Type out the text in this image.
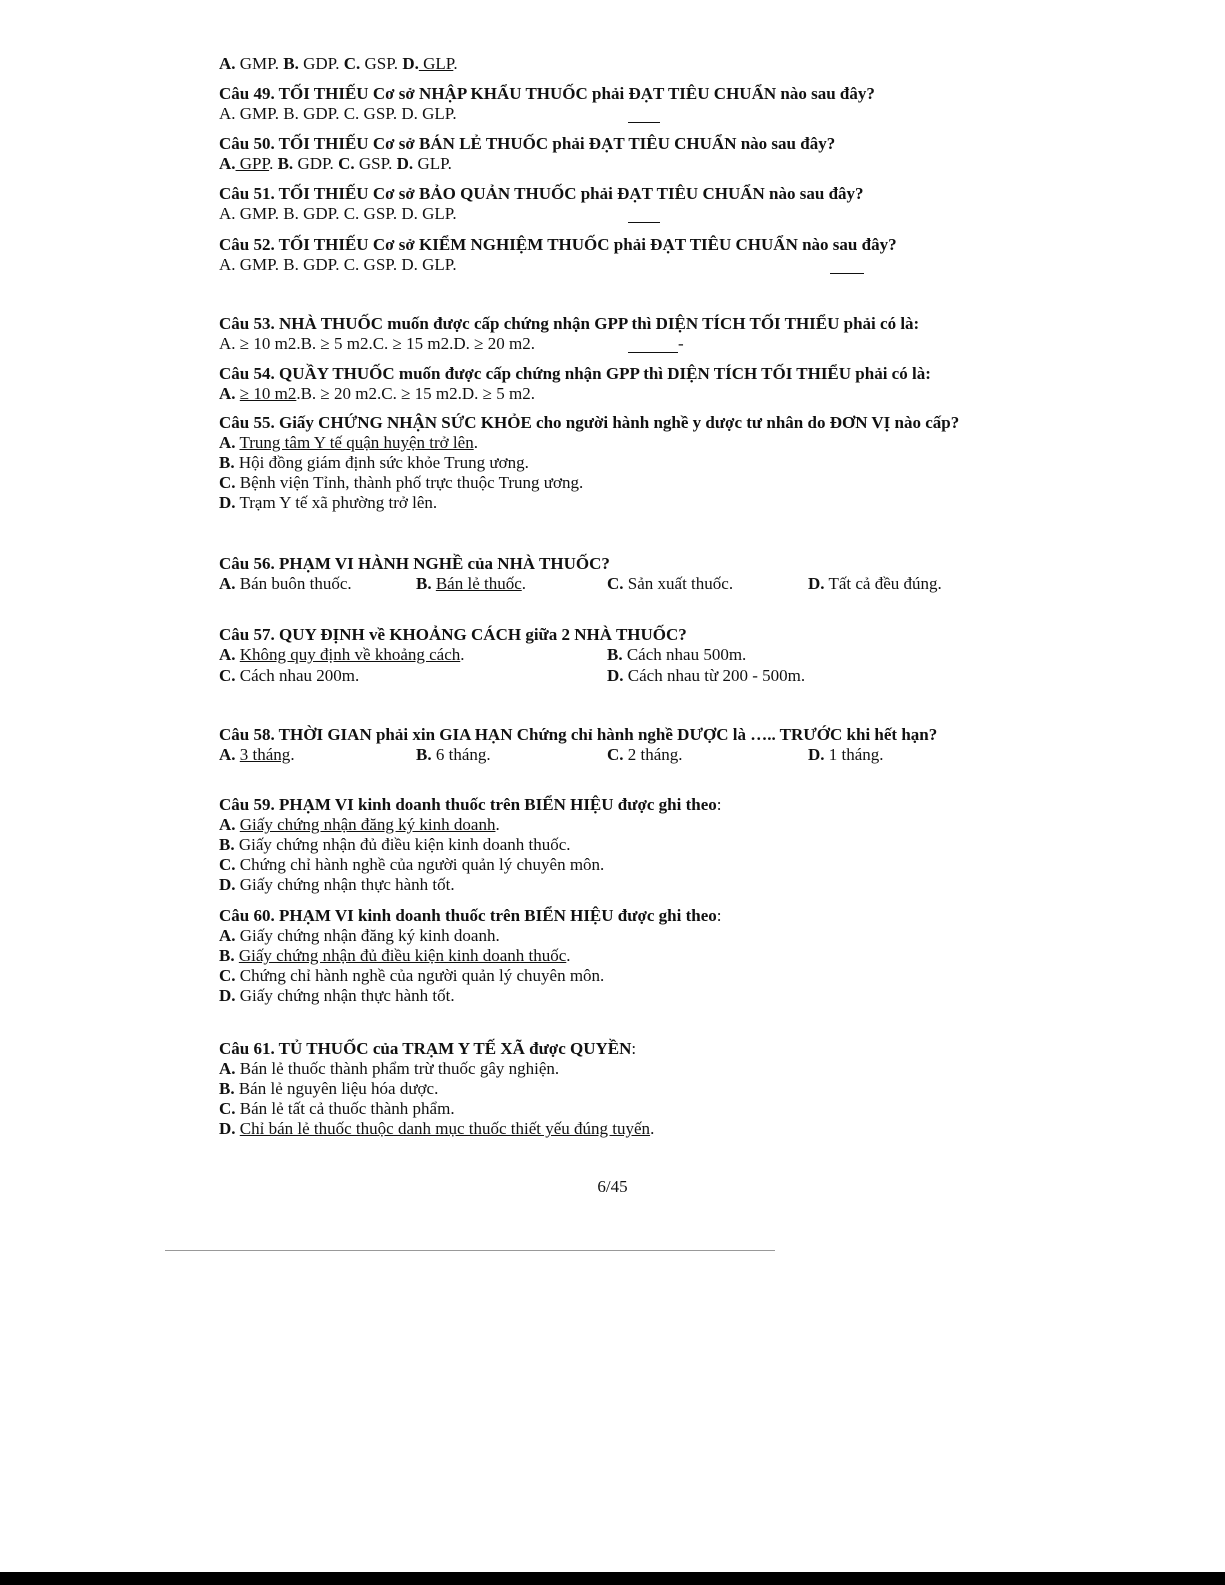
A. GMP. B. GDP. C. GSP. D. GLP.
Câu 49. TỐI THIẾU Cơ sở NHẬP KHẨU THUỐC phải ĐẠT TIÊU CHUẨN nào sau đây?
A. GMP. B. GDP. C. GSP. D. GLP.
Câu 50. TỐI THIẾU Cơ sở BÁN LẺ THUỐC phải ĐẠT TIÊU CHUẨN nào sau đây?
A. GPP. B. GDP. C. GSP. D. GLP.
Câu 51. TỐI THIẾU Cơ sở BẢO QUẢN THUỐC phải ĐẠT TIÊU CHUẨN nào sau đây?
A. GMP. B. GDP. C. GSP. D. GLP.
Câu 52. TỐI THIẾU Cơ sở KIỂM NGHIỆM THUỐC phải ĐẠT TIÊU CHUẨN nào sau đây?
A. GMP. B. GDP. C. GSP. D. GLP.
Câu 53. NHÀ THUỐC muốn được cấp chứng nhận GPP thì DIỆN TÍCH TỐI THIỂU phải có là:
A. ≥ 10 m2.B. ≥ 5 m2.C. ≥ 15 m2.D. ≥ 20 m2.	-
Câu 54. QUẦY THUỐC muốn được cấp chứng nhận GPP thì DIỆN TÍCH TỐI THIỂU phải có là:
A. ≥ 10 m2.B. ≥ 20 m2.C. ≥ 15 m2.D. ≥ 5 m2.
Câu 55. Giấy CHỨNG NHẬN SỨC KHỎE cho người hành nghề y dược tư nhân do ĐƠN VỊ nào cấp?
A. Trung tâm Y tế quận huyện trở lên.
B. Hội đồng giám định sức khỏe Trung ương.
C. Bệnh viện Tỉnh, thành phố trực thuộc Trung ương.
D. Trạm Y tế xã phường trở lên.
Câu 56. PHẠM VI HÀNH NGHỀ của NHÀ THUỐC?
A. Bán buôn thuốc.	B. Bán lẻ thuốc.	C. Sản xuất thuốc.	D. Tất cả đều đúng.
Câu 57. QUY ĐỊNH về KHOẢNG CÁCH giữa 2 NHÀ THUỐC?
A. Không quy định về khoảng cách.	B. Cách nhau 500m.
C. Cách nhau 200m.	D. Cách nhau từ 200 - 500m.
Câu 58. THỜI GIAN phải xin GIA HẠN Chứng chỉ hành nghề DƯỢC là ….. TRƯỚC khi hết hạn?
A. 3 tháng.	B. 6 tháng.	C. 2 tháng.	D. 1 tháng.
Câu 59. PHẠM VI kinh doanh thuốc trên BIỂN HIỆU được ghi theo:
A. Giấy chứng nhận đăng ký kinh doanh.
B. Giấy chứng nhận đủ điều kiện kinh doanh thuốc.
C. Chứng chỉ hành nghề của người quản lý chuyên môn.
D. Giấy chứng nhận thực hành tốt.
Câu 60. PHẠM VI kinh doanh thuốc trên BIỂN HIỆU được ghi theo:
A. Giấy chứng nhận đăng ký kinh doanh.
B. Giấy chứng nhận đủ điều kiện kinh doanh thuốc.
C. Chứng chỉ hành nghề của người quản lý chuyên môn.
D. Giấy chứng nhận thực hành tốt.
Câu 61. TỦ THUỐC của TRẠM Y TẾ XÃ được QUYỀN:
A. Bán lẻ thuốc thành phẩm trừ thuốc gây nghiện.
B. Bán lẻ nguyên liệu hóa dược.
C. Bán lẻ tất cả thuốc thành phẩm.
D. Chỉ bán lẻ thuốc thuộc danh mục thuốc thiết yếu đúng tuyến.
6/45
